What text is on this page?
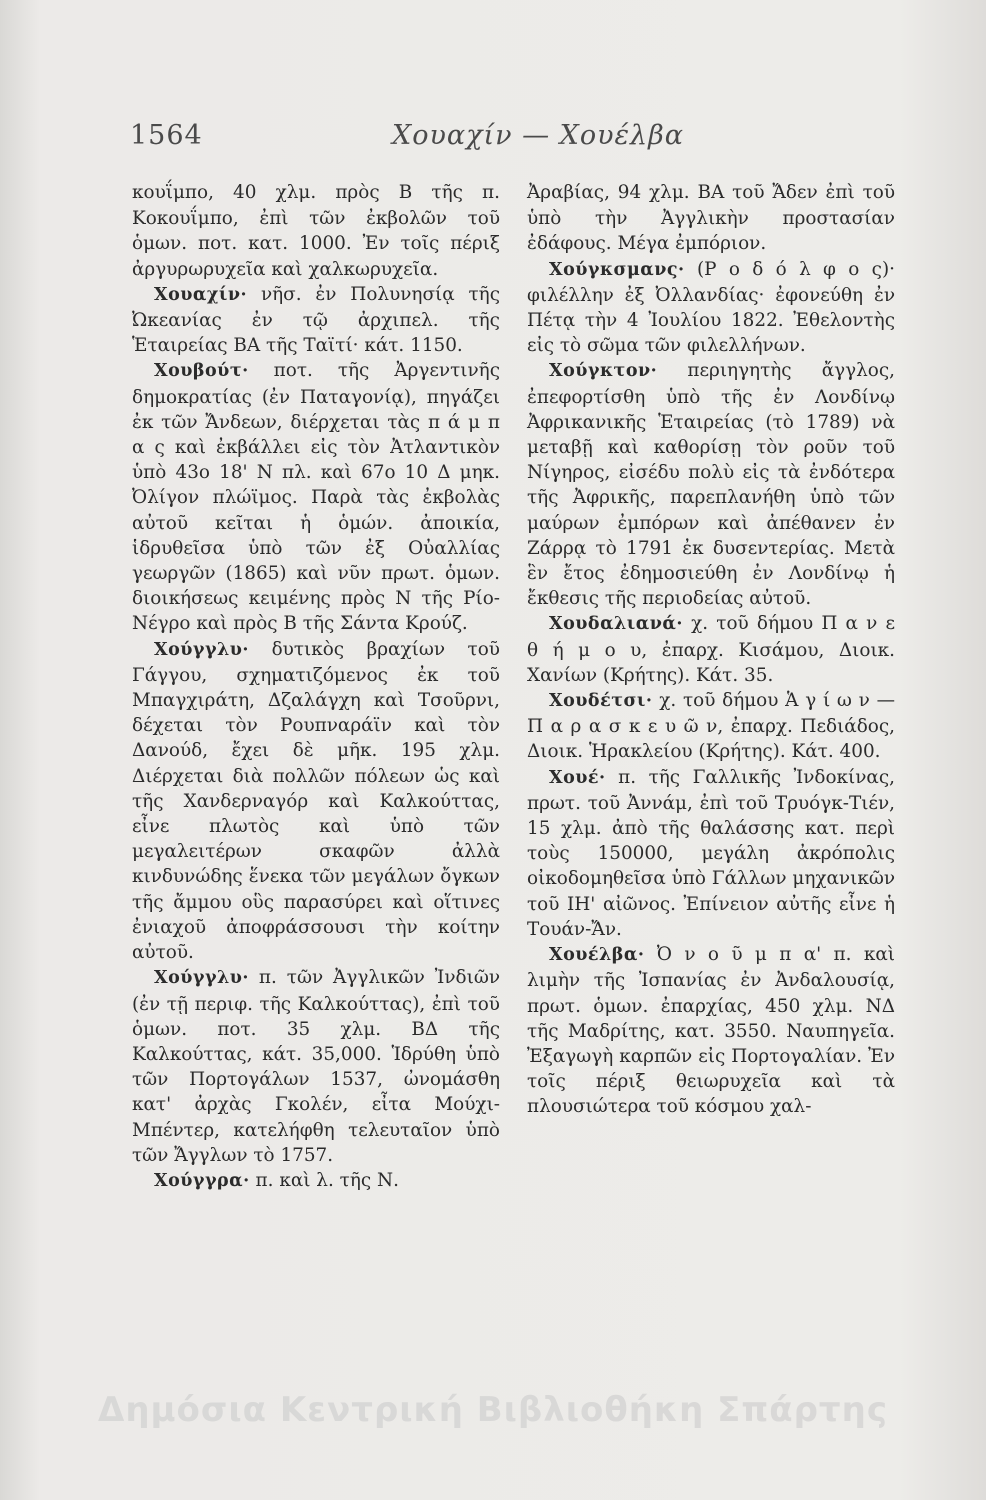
1564	Χουαχίν — Χουέλβα

κουΐμπο, 40 χλμ. πρὸς Β τῆς π. Κοκουΐμπο, ἐπὶ τῶν ἐκβολῶν τοῦ ὁμων. ποτ. κατ. 1000. Ἐν τοῖς πέριξ ἀργυρωρυχεῖα καὶ χαλκωρυχεῖα.

Χουαχίν· νῆσ. ἐν Πολυνησίᾳ τῆς Ὠκεανίας ἐν τῷ ἀρχιπελ. τῆς Ἑταιρείας ΒΑ τῆς Ταϊτί· κάτ. 1150.

Χουβούτ· ποτ. τῆς Ἀργεντινῆς δημοκρατίας (ἐν Παταγονίᾳ), πηγάζει ἐκ τῶν Ἄνδεων, διέρχεται τὰς π ά μ π α ς καὶ ἐκβάλλει εἰς τὸν Ἀτλαντικὸν ὑπὸ 43ο 18' Ν πλ. καὶ 67ο 10 Δ μηκ. Ὀλίγον πλώϊμος. Παρὰ τὰς ἐκβολὰς αὐτοῦ κεῖται ἡ ὁμών. ἀποικία, ἱδρυθεῖσα ὑπὸ τῶν ἐξ Οὐαλλίας γεωργῶν (1865) καὶ νῦν πρωτ. ὁμων. διοικήσεως κειμένης πρὸς Ν τῆς Ρίο-Νέγρο καὶ πρὸς Β τῆς Σάντα Κρούζ.

Χούγγλυ· δυτικὸς βραχίων τοῦ Γάγγου, σχηματιζόμενος ἐκ τοῦ Μπαγχιράτη, Δζαλάγχη καὶ Τσοῦρνι, δέχεται τὸν Ρουπναράϊν καὶ τὸν Δανούδ, ἔχει δὲ μῆκ. 195 χλμ. Διέρχεται διὰ πολλῶν πόλεων ὡς καὶ τῆς Χανδερναγόρ καὶ Καλκούττας, εἶνε πλωτὸς καὶ ὑπὸ τῶν μεγαλειτέρων σκαφῶν ἀλλὰ κινδυνώδης ἕνεκα τῶν μεγάλων ὄγκων τῆς ἄμμου οὓς παρασύρει καὶ οἵτινες ἐνιαχοῦ ἀποφράσσουσι τὴν κοίτην αὐτοῦ.

Χούγγλυ· π. τῶν Ἀγγλικῶν Ἰνδιῶν (ἐν τῇ περιφ. τῆς Καλκούττας), ἐπὶ τοῦ ὁμων. ποτ. 35 χλμ. ΒΔ τῆς Καλκούττας, κάτ. 35,000. Ἱδρύθη ὑπὸ τῶν Πορτογάλων 1537, ὠνομάσθη κατ' ἀρχὰς Γκολέν, εἶτα Μούχι-Μπέντερ, κατελήφθη τελευταῖον ὑπὸ τῶν Ἄγγλων τὸ 1757.

Χούγγρα· π. καὶ λ. τῆς Ν.

Ἀραβίας, 94 χλμ. ΒΑ τοῦ Ἄδεν ἐπὶ τοῦ ὑπὸ τὴν Ἀγγλικὴν προστασίαν ἐδάφους. Μέγα ἐμπόριον.

Χούγκσμανς· (Ρ ο δ ό λ φ ο ς)· φιλέλλην ἐξ Ὀλλανδίας· ἐφονεύθη ἐν Πέτᾳ τὴν 4 Ἰουλίου 1822. Ἐθελοντὴς εἰς τὸ σῶμα τῶν φιλελλήνων.

Χούγκτον· περιηγητὴς ἄγγλος, ἐπεφορτίσθη ὑπὸ τῆς ἐν Λονδίνῳ Ἀφρικανικῆς Ἑταιρείας (τὸ 1789) νὰ μεταβῇ καὶ καθορίσῃ τὸν ροῦν τοῦ Νίγηρος, εἰσέδυ πολὺ εἰς τὰ ἐνδότερα τῆς Ἀφρικῆς, παρεπλανήθη ὑπὸ τῶν μαύρων ἐμπόρων καὶ ἀπέθανεν ἐν Ζάρρᾳ τὸ 1791 ἐκ δυσεντερίας. Μετὰ ἓν ἔτος ἐδημοσιεύθη ἐν Λονδίνῳ ἡ ἔκθεσις τῆς περιοδείας αὐτοῦ.

Χουδαλιανά· χ. τοῦ δήμου Π α ν ε θ ή μ ο υ, ἐπαρχ. Κισάμου, Διοικ. Χανίων (Κρήτης). Κάτ. 35.

Χουδέτσι· χ. τοῦ δήμου Ἁ γ ί ω ν — Π α ρ α σ κ ε υ ῶ ν, ἐπαρχ. Πεδιάδος, Διοικ. Ἡρακλείου (Κρήτης). Κάτ. 400.

Χουέ· π. τῆς Γαλλικῆς Ἰνδοκίνας, πρωτ. τοῦ Ἀννάμ, ἐπὶ τοῦ Τρυόγκ-Τιέν, 15 χλμ. ἀπὸ τῆς θαλάσσης κατ. περὶ τοὺς 150000, μεγάλη ἀκρόπολις οἰκοδομηθεῖσα ὑπὸ Γάλλων μηχανικῶν τοῦ ΙΗ' αἰῶνος. Ἐπίνειον αὐτῆς εἶνε ἡ Τουάν-Ἄν.

Χουέλβα· Ὀ ν ο ῦ μ π α' π. καὶ λιμὴν τῆς Ἰσπανίας ἐν Ἀνδαλουσίᾳ, πρωτ. ὁμων. ἐπαρχίας, 450 χλμ. ΝΔ τῆς Μαδρίτης, κατ. 3550. Ναυπηγεῖα. Ἐξαγωγὴ καρπῶν εἰς Πορτογαλίαν. Ἐν τοῖς πέριξ θειωρυχεῖα καὶ τὰ πλουσιώτερα τοῦ κόσμου χαλ-

Δημόσια Κεντρική Βιβλιοθήκη Σπάρτης
